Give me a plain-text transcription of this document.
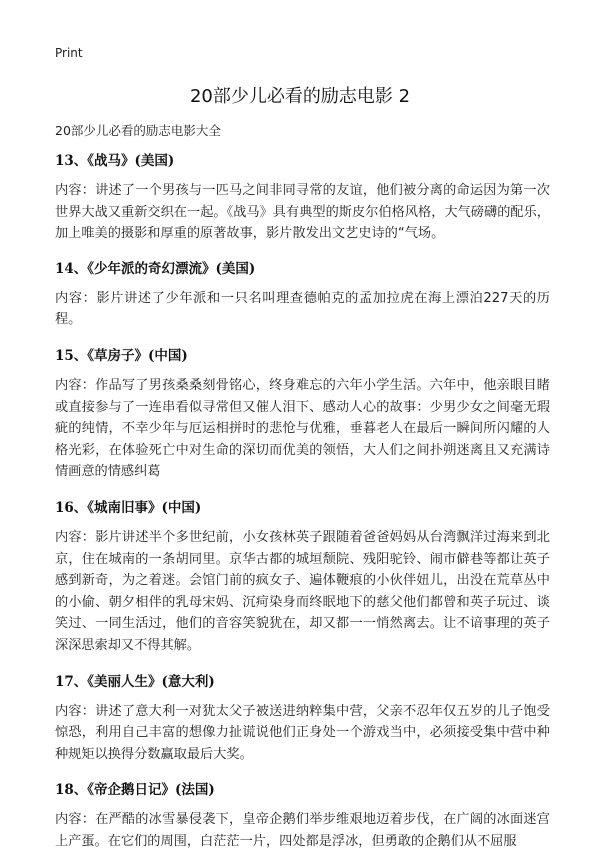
Print
20部少儿必看的励志电影 2
20部少儿必看的励志电影大全

13、《战马》(美国)

内容：讲述了一个男孩与一匹马之间非同寻常的友谊，他们被分离的命运因为第一次世界大战又重新交织在一起。《战马》具有典型的斯皮尔伯格风格，大气磅礴的配乐，加上唯美的摄影和厚重的原著故事，影片散发出文艺史诗的“气场。

14、《少年派的奇幻漂流》(美国)

内容：影片讲述了少年派和一只名叫理查德帕克的孟加拉虎在海上漂泊227天的历程。

15、《草房子》(中国)

内容：作品写了男孩桑桑刻骨铭心，终身难忘的六年小学生活。六年中，他亲眼目睹或直接参与了一连串看似寻常但又催人泪下、感动人心的故事：少男少女之间毫无瑕疵的纯情，不幸少年与厄运相拼时的悲怆与优雅，垂暮老人在最后一瞬间所闪耀的人格光彩，在体验死亡中对生命的深切而优美的领悟，大人们之间扑朔迷离且又充满诗情画意的情感纠葛

16、《城南旧事》(中国)

内容：影片讲述半个多世纪前，小女孩林英子跟随着爸爸妈妈从台湾飘洋过海来到北京，住在城南的一条胡同里。京华古都的城垣颓院、残阳驼铃、闹市僻巷等都让英子感到新奇，为之着迷。会馆门前的疯女子、遍体鞭痕的小伙伴妞儿，出没在荒草丛中的小偷、朝夕相伴的乳母宋妈、沉疴染身而终眠地下的慈父他们都曾和英子玩过、谈笑过、一同生活过，他们的音容笑貌犹在，却又都一一悄然离去。让不谙事理的英子深深思索却又不得其解。

17、《美丽人生》(意大利)

内容：讲述了意大利一对犹太父子被送进纳粹集中营，父亲不忍年仅五岁的儿子饱受惊恐，利用自己丰富的想像力扯谎说他们正身处一个游戏当中，必须接受集中营中种种规矩以换得分数赢取最后大奖。

18、《帝企鹅日记》(法国)

内容：在严酷的冰雪暴侵袭下，皇帝企鹅们举步维艰地迈着步伐，在广阔的冰面迷宫上产蛋。在它们的周围，白茫茫一片，四处都是浮冰，但勇敢的企鹅们从不屈服
